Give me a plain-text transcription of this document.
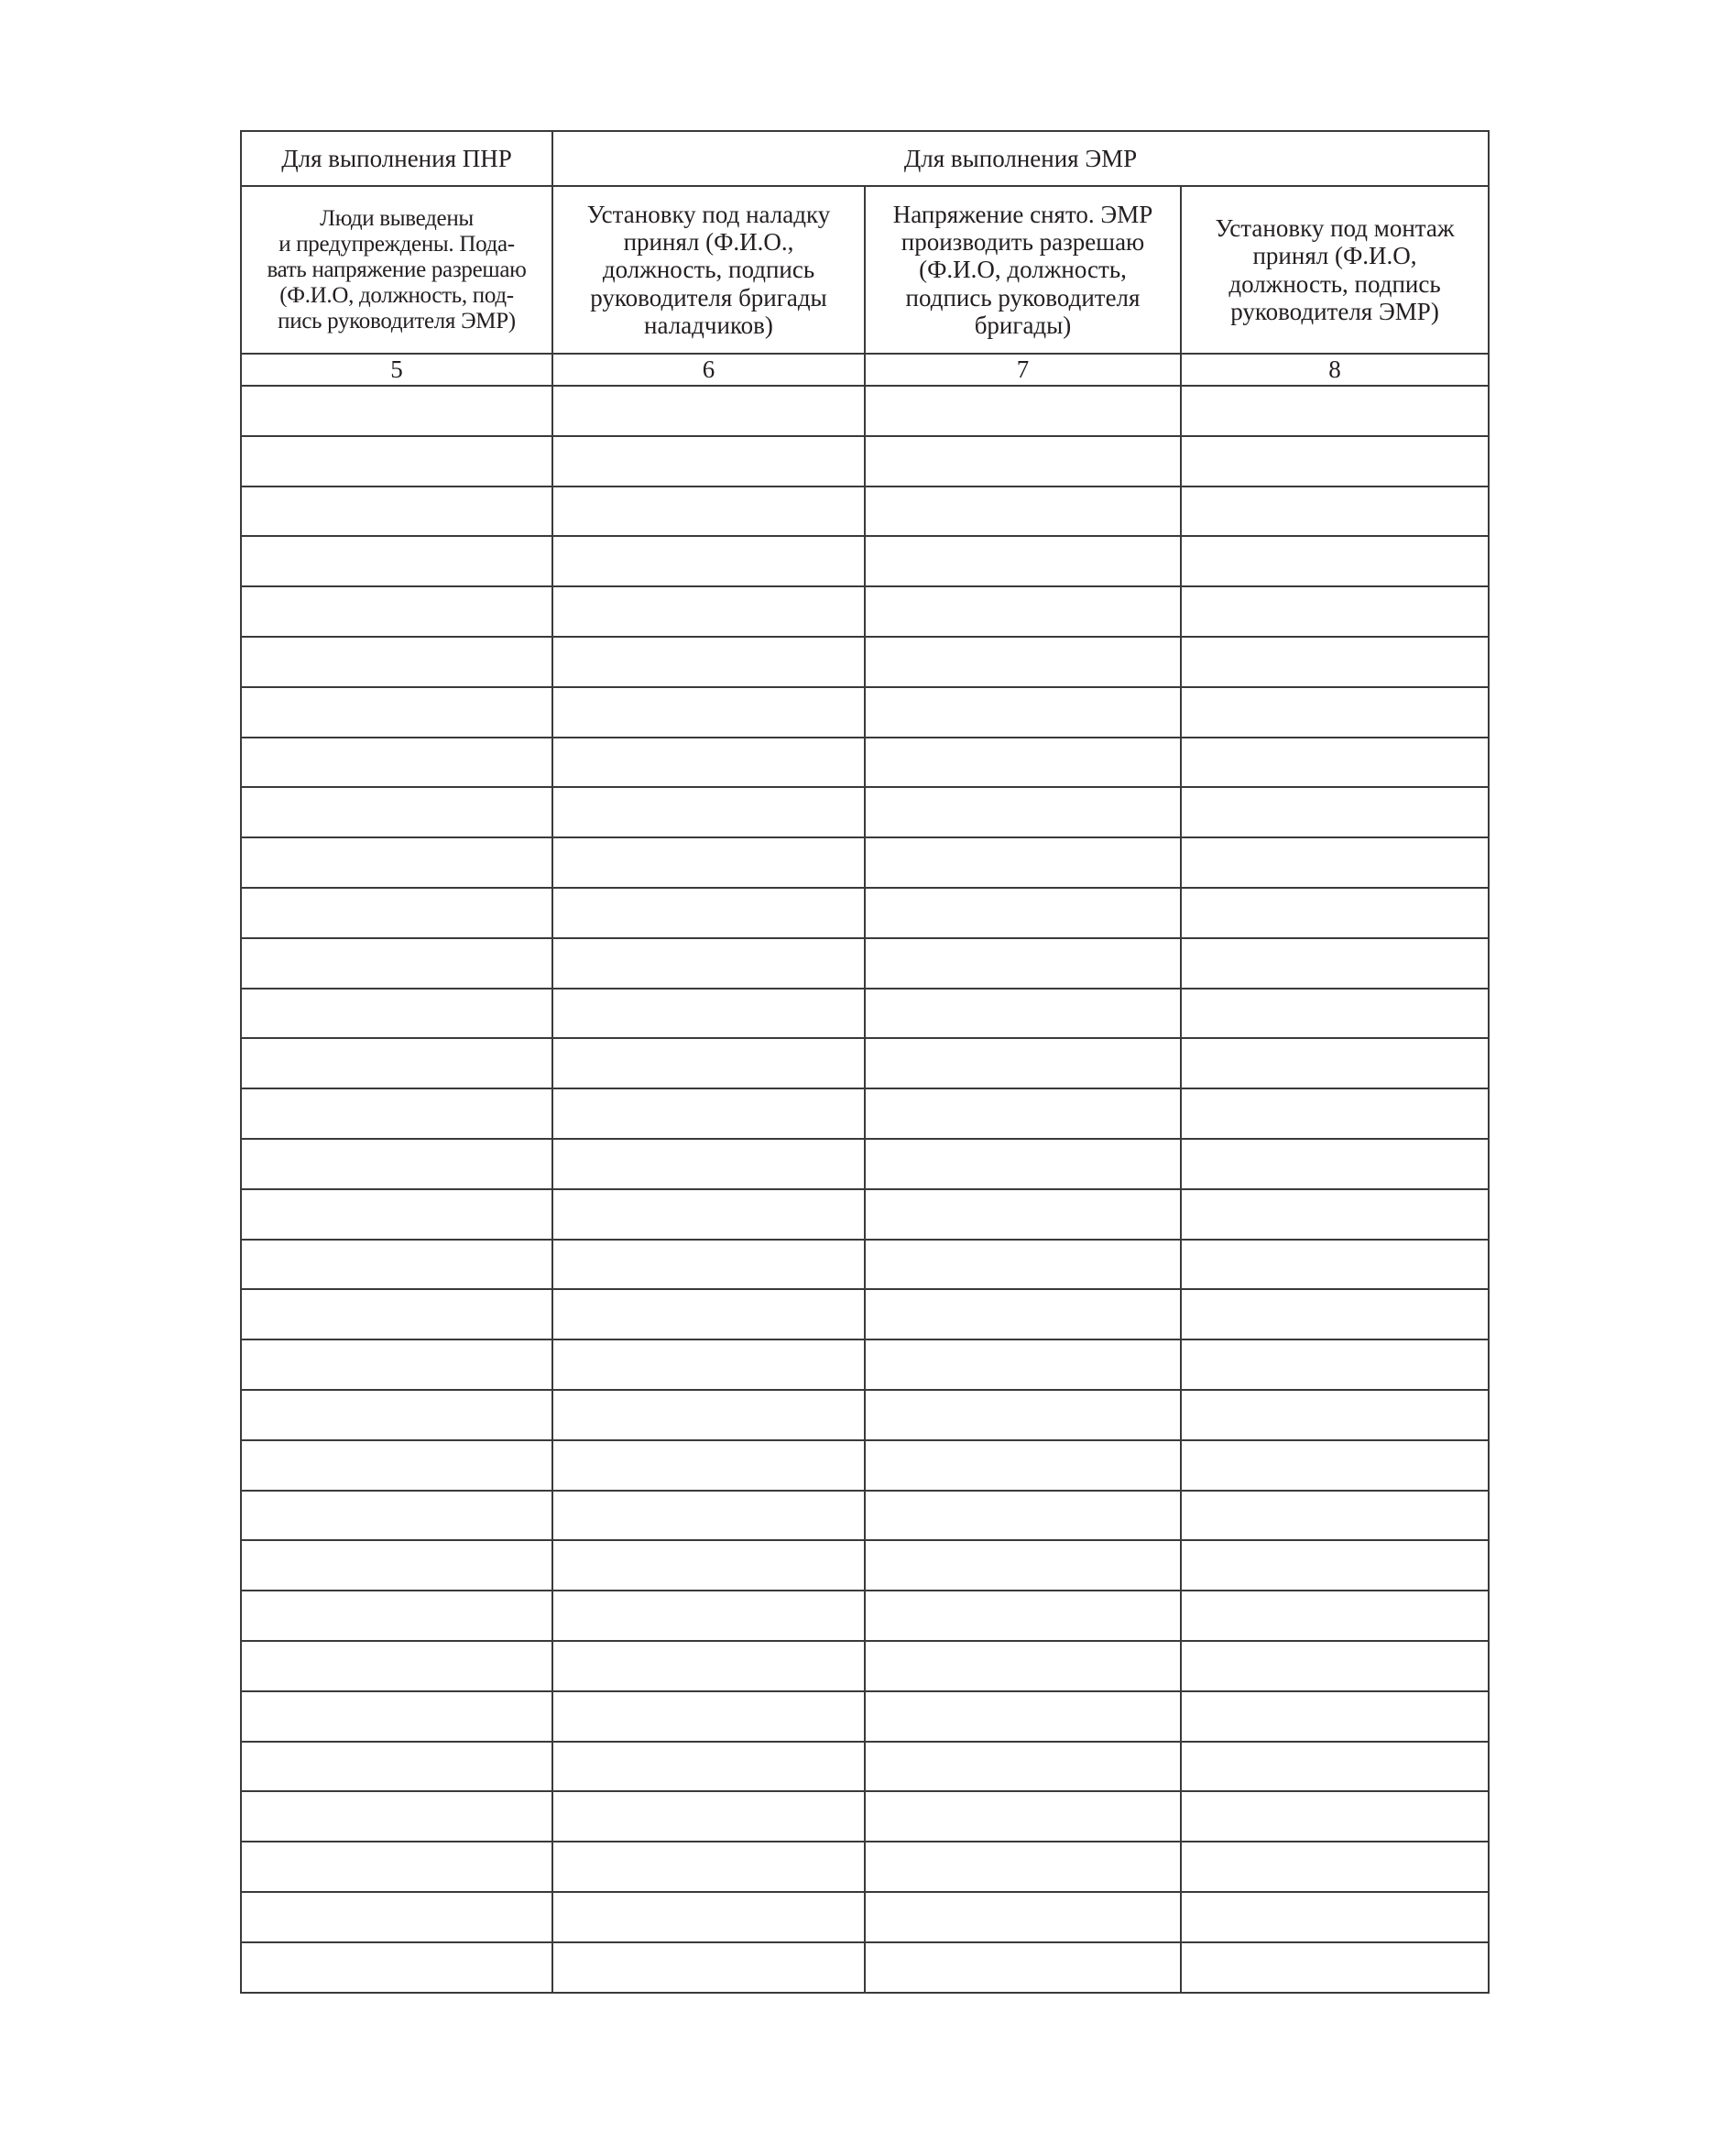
Для выполнения ПНР	Для выполнения ЭМР		

Люди выведены
и предупреждены. Пода-
вать напряжение разрешаю
(Ф.И.О, должность, под-
пись руководителя ЭМР)	Установку под наладку
принял (Ф.И.О.,
должность, подпись
руководителя бригады
наладчиков)	Напряжение снято. ЭМР
производить разрешаю
(Ф.И.О, должность,
подпись руководителя
бригады)	Установку под монтаж
принял (Ф.И.О,
должность, подпись
руководителя ЭМР)

5	6	7	8
